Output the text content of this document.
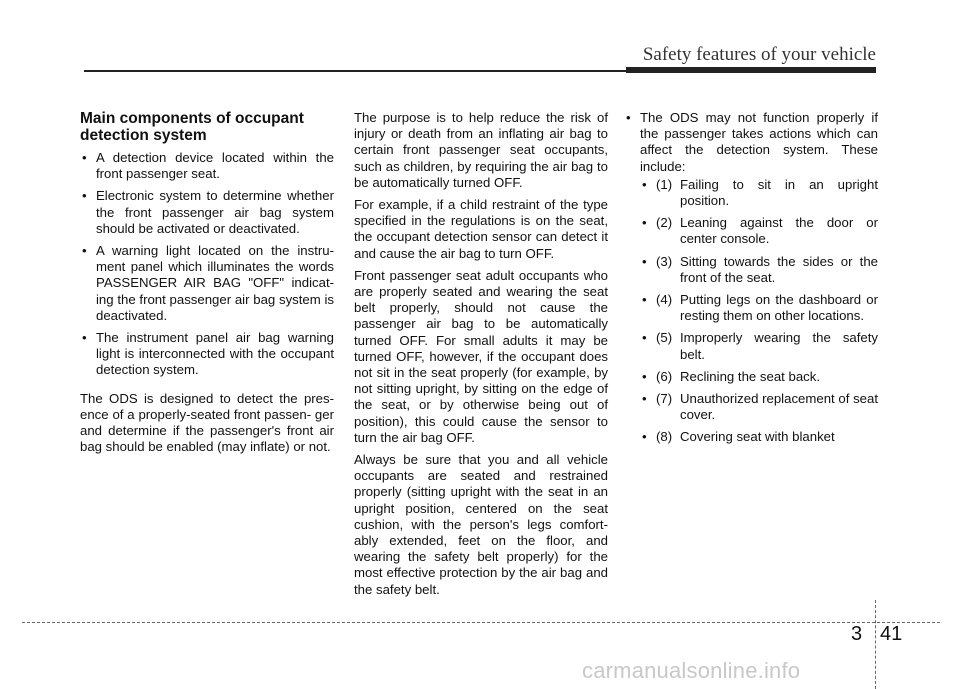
Safety features of your vehicle
Main components of occupant detection system
• A detection device located within the front passenger seat.
• Electronic system to determine whether the front passenger air bag system should be activated or deactivated.
• A warning light located on the instru- ment panel which illuminates the words PASSENGER AIR BAG "OFF" indicat- ing the front passenger air bag system is deactivated.
• The instrument panel air bag warning light is interconnected with the occupant detection system.

The ODS is designed to detect the pres- ence of a properly-seated front passen- ger and determine if the passenger's front air bag should be enabled (may inflate) or not.

The purpose is to help reduce the risk of injury or death from an inflating air bag to certain front passenger seat occupants, such as children, by requiring the air bag to be automatically turned OFF.

For example, if a child restraint of the type specified in the regulations is on the seat, the occupant detection sensor can detect it and cause the air bag to turn OFF.

Front passenger seat adult occupants who are properly seated and wearing the seat belt properly, should not cause the passenger air bag to be automatically turned OFF. For small adults it may be turned OFF, however, if the occupant does not sit in the seat properly (for example, by not sitting upright, by sitting on the edge of the seat, or by otherwise being out of position), this could cause the sensor to turn the air bag OFF.

Always be sure that you and all vehicle occupants are seated and restrained properly (sitting upright with the seat in an upright position, centered on the seat cushion, with the person's legs comfort- ably extended, feet on the floor, and wearing the safety belt properly) for the most effective protection by the air bag and the safety belt.

• The ODS may not function properly if the passenger takes actions which can affect the detection system. These include:
• (1) Failing to sit in an upright position.
• (2) Leaning against the door or center console.
• (3) Sitting towards the sides or the front of the seat.
• (4) Putting legs on the dashboard or resting them on other locations.
• (5) Improperly wearing the safety belt.
• (6) Reclining the seat back.
• (7) Unauthorized replacement of seat cover.
• (8) Covering seat with blanket
3 41
carmanualsonline.info
